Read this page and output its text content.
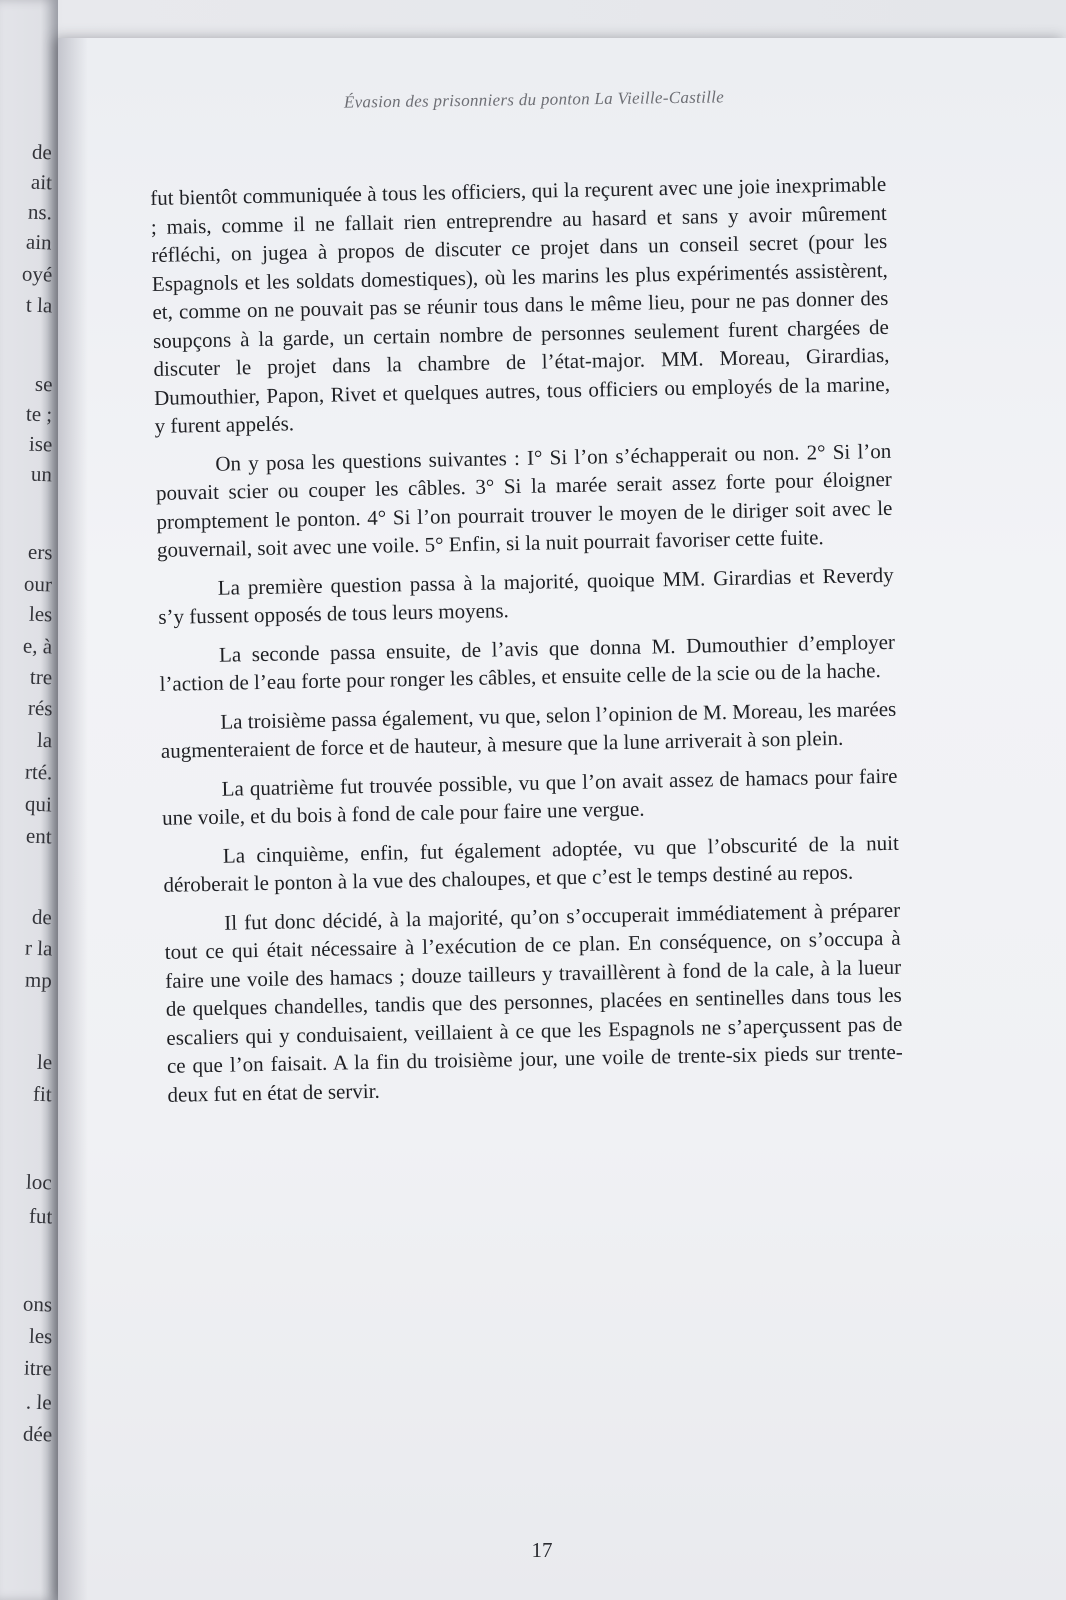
de
ait
ns.
ain
oyé
t la
se
te ;
ise
un
ers
our
les
e, à
tre
rés
la
rté.
qui
ent
de
r la
mp
le
fit
loc
fut
ons
les
itre
. le
dée
Évasion des prisonniers du ponton La Vieille-Castille

fut bientôt communiquée à tous les officiers, qui la reçurent avec une joie inexprimable ; mais, comme il ne fallait rien entreprendre au hasard et sans y avoir mûrement réfléchi, on jugea à propos de discuter ce projet dans un conseil secret (pour les Espagnols et les soldats domestiques), où les marins les plus expérimentés assistèrent, et, comme on ne pouvait pas se réunir tous dans le même lieu, pour ne pas donner des soupçons à la garde, un certain nombre de personnes seulement furent chargées de discuter le projet dans la chambre de l’état-major. MM. Moreau, Girardias, Dumouthier, Papon, Rivet et quelques autres, tous officiers ou employés de la marine, y furent appelés.

On y posa les questions suivantes : I° Si l’on s’échapperait ou non. 2° Si l’on pouvait scier ou couper les câbles. 3° Si la marée serait assez forte pour éloigner promptement le ponton. 4° Si l’on pourrait trouver le moyen de le diriger soit avec le gouvernail, soit avec une voile. 5° Enfin, si la nuit pourrait favoriser cette fuite.

La première question passa à la majorité, quoique MM. Girardias et Reverdy s’y fussent opposés de tous leurs moyens.

La seconde passa ensuite, de l’avis que donna M. Dumouthier d’employer l’action de l’eau forte pour ronger les câbles, et ensuite celle de la scie ou de la hache.

La troisième passa également, vu que, selon l’opinion de M. Moreau, les marées augmenteraient de force et de hauteur, à mesure que la lune arriverait à son plein.

La quatrième fut trouvée possible, vu que l’on avait assez de hamacs pour faire une voile, et du bois à fond de cale pour faire une vergue.

La cinquième, enfin, fut également adoptée, vu que l’obscurité de la nuit déroberait le ponton à la vue des chaloupes, et que c’est le temps destiné au repos.

Il fut donc décidé, à la majorité, qu’on s’occuperait immédiatement à préparer tout ce qui était nécessaire à l’exécution de ce plan. En conséquence, on s’occupa à faire une voile des hamacs ; douze tailleurs y travaillèrent à fond de la cale, à la lueur de quelques chandelles, tandis que des personnes, placées en sentinelles dans tous les escaliers qui y conduisaient, veillaient à ce que les Espagnols ne s’aperçussent pas de ce que l’on faisait. A la fin du troisième jour, une voile de trente-six pieds sur trente-deux fut en état de servir.

17
